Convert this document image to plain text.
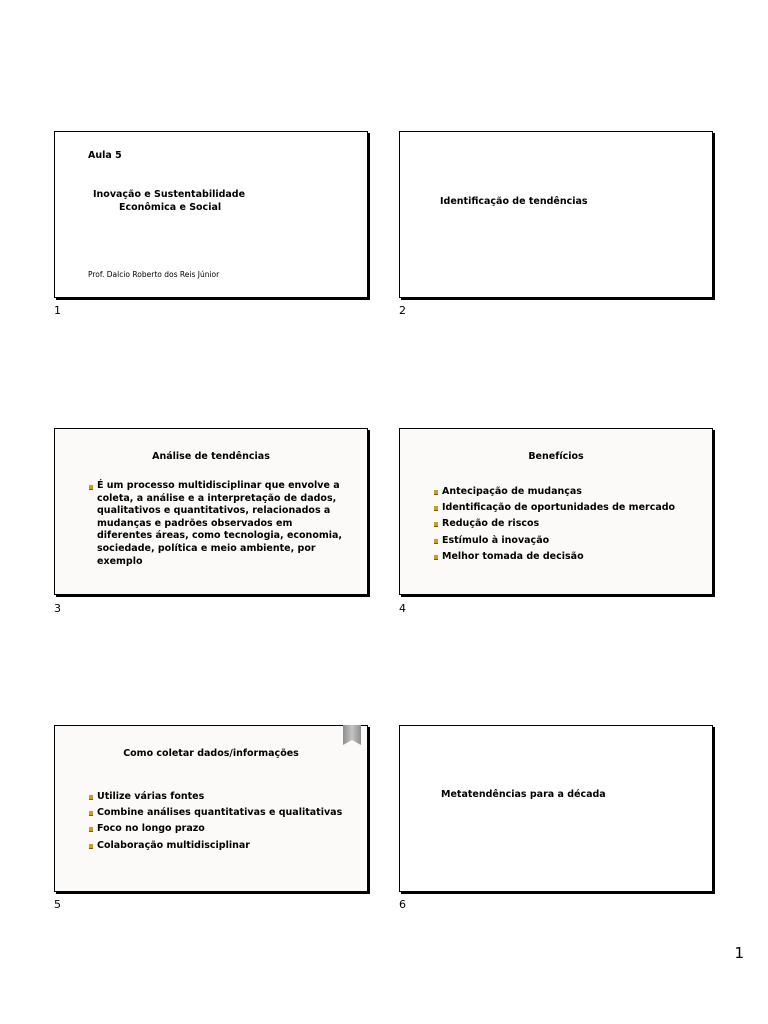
Aula 5
Inovação e Sustentabilidade
Econômica e Social
Prof. Dalcio Roberto dos Reis Júnior
1
Identificação de tendências
2
Análise de tendências
É um processo multidisciplinar que envolve a
coleta, a análise e a interpretação de dados,
qualitativos e quantitativos, relacionados a
mudanças e padrões observados em
diferentes áreas, como tecnologia, economia,
sociedade, política e meio ambiente, por
exemplo
3
Benefícios
Antecipação de mudanças
Identificação de oportunidades de mercado
Redução de riscos
Estímulo à inovação
Melhor tomada de decisão
4
Como coletar dados/informações
Utilize várias fontes
Combine análises quantitativas e qualitativas
Foco no longo prazo
Colaboração multidisciplinar
5
Metatendências para a década
6
1
